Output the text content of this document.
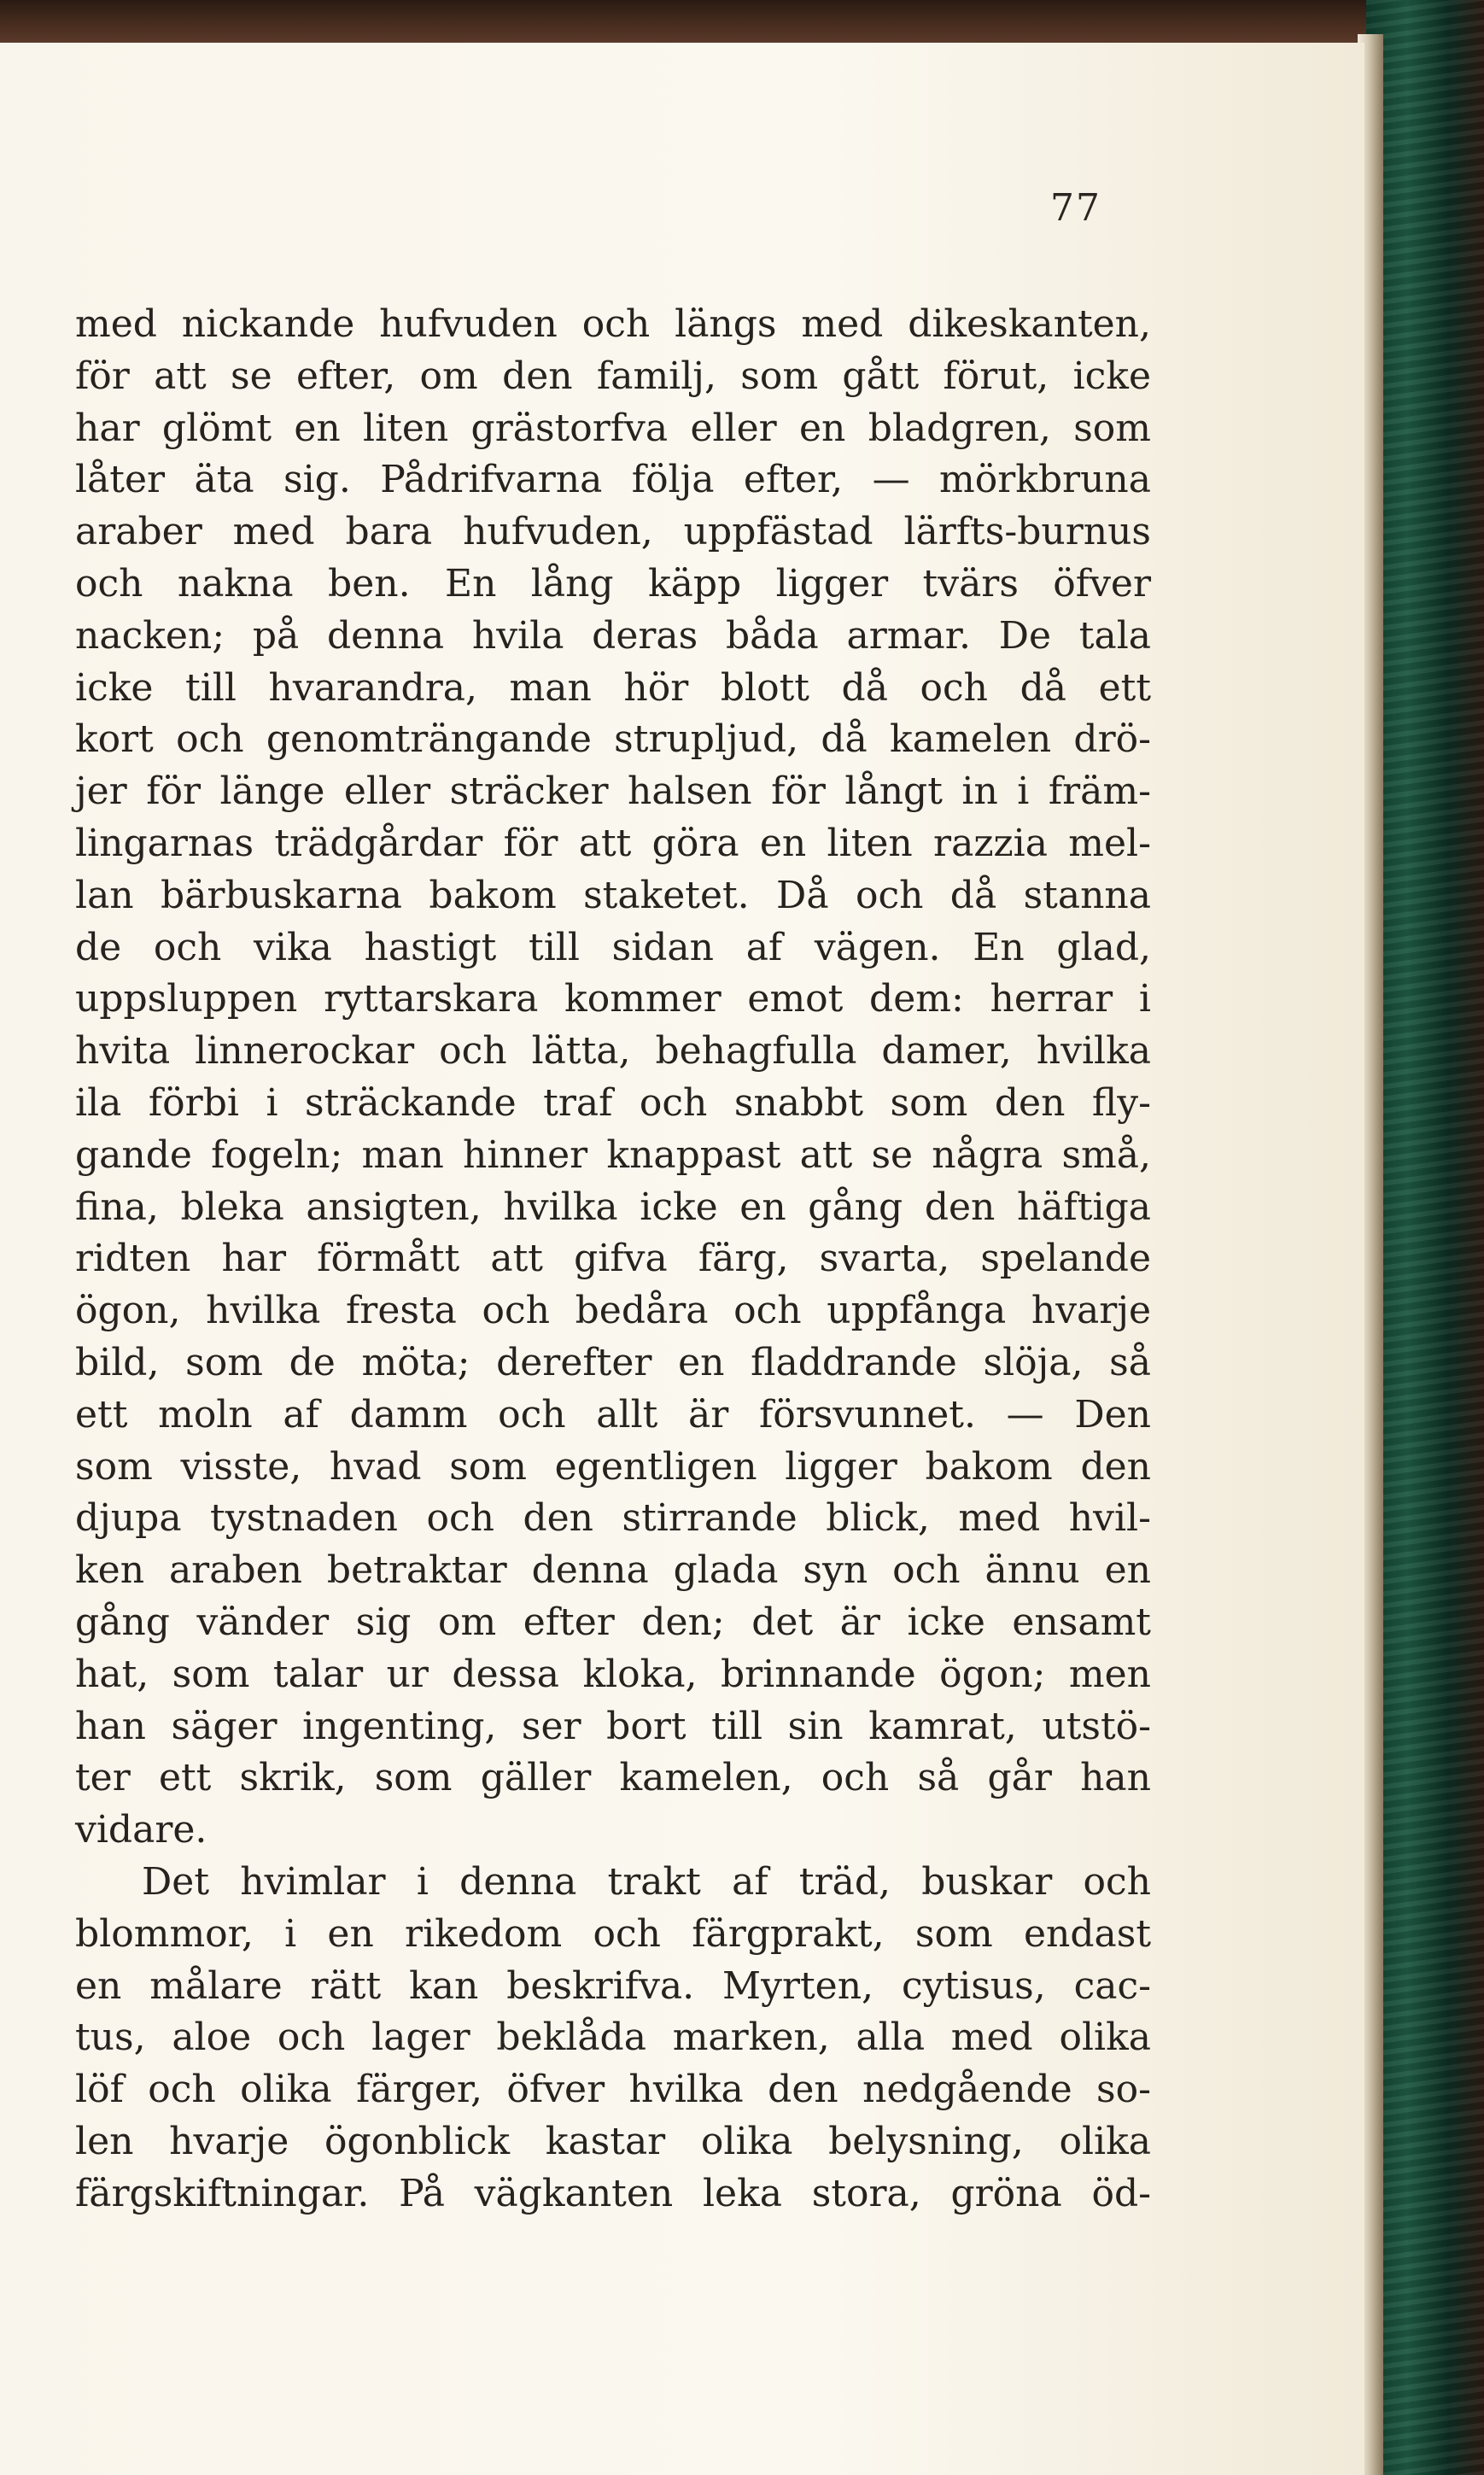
77
med nickande hufvuden och längs med dikeskanten,
för att se efter, om den familj, som gått förut, icke
har glömt en liten grästorfva eller en bladgren, som
låter äta sig. Pådrifvarna följa efter, — mörkbruna
araber med bara hufvuden, uppfästad lärfts-burnus
och nakna ben. En lång käpp ligger tvärs öfver
nacken; på denna hvila deras båda armar. De tala
icke till hvarandra, man hör blott då och då ett
kort och genomträngande strupljud, då kamelen drö-
jer för länge eller sträcker halsen för långt in i främ-
lingarnas trädgårdar för att göra en liten razzia mel-
lan bärbuskarna bakom staketet. Då och då stanna
de och vika hastigt till sidan af vägen. En glad,
uppsluppen ryttarskara kommer emot dem: herrar i
hvita linnerockar och lätta, behagfulla damer, hvilka
ila förbi i sträckande traf och snabbt som den fly-
gande fogeln; man hinner knappast att se några små,
fina, bleka ansigten, hvilka icke en gång den häftiga
ridten har förmått att gifva färg, svarta, spelande
ögon, hvilka fresta och bedåra och uppfånga hvarje
bild, som de möta; derefter en fladdrande slöja, så
ett moln af damm och allt är försvunnet. — Den
som visste, hvad som egentligen ligger bakom den
djupa tystnaden och den stirrande blick, med hvil-
ken araben betraktar denna glada syn och ännu en
gång vänder sig om efter den; det är icke ensamt
hat, som talar ur dessa kloka, brinnande ögon; men
han säger ingenting, ser bort till sin kamrat, utstö-
ter ett skrik, som gäller kamelen, och så går han
vidare.
Det hvimlar i denna trakt af träd, buskar och
blommor, i en rikedom och färgprakt, som endast
en målare rätt kan beskrifva. Myrten, cytisus, cac-
tus, aloe och lager beklåda marken, alla med olika
löf och olika färger, öfver hvilka den nedgående so-
len hvarje ögonblick kastar olika belysning, olika
färgskiftningar. På vägkanten leka stora, gröna öd-
